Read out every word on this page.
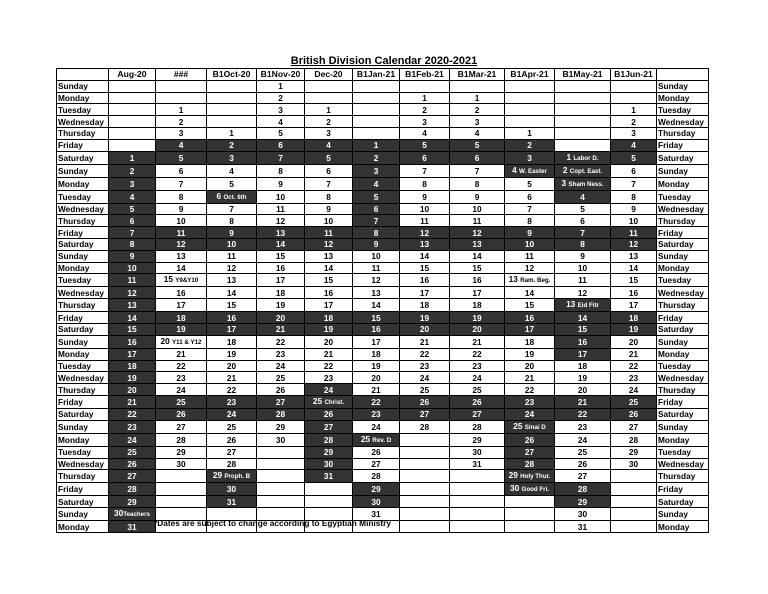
British Division Calendar 2020-2021
	Aug-20	###	B1Oct-20	B1Nov-20	Dec-20	B1Jan-21	B1Feb-21	B1Mar-21	B1Apr-21	B1May-21	B1Jun-21	
Sunday				1								Sunday
Monday				2			1	1				Monday
Tuesday		1		3	1		2	2			1	Tuesday
Wednesday		2		4	2		3	3			2	Wednesday
Thursday		3	1	5	3		4	4	1		3	Thursday
Friday		4	2	6	4	1	5	5	2		4	Friday
Saturday	1	5	3	7	5	2	6	6	3	1 Labor D.	5	Saturday
Sunday	2	6	4	8	6	3	7	7	4 W. Easter	2 Copt. East.	6	Sunday
Monday	3	7	5	9	7	4	8	8	5	3 Sham Ness.	7	Monday
Tuesday	4	8	6 Oct. 6th	10	8	5	9	9	6	4	8	Tuesday
Wednesday	5	9	7	11	9	6	10	10	7	5	9	Wednesday
Thursday	6	10	8	12	10	7	11	11	8	6	10	Thursday
Friday	7	11	9	13	11	8	12	12	9	7	11	Friday
Saturday	8	12	10	14	12	9	13	13	10	8	12	Saturday
Sunday	9	13	11	15	13	10	14	14	11	9	13	Sunday
Monday	10	14	12	16	14	11	15	15	12	10	14	Monday
Tuesday	11	15 Y9&Y10	13	17	15	12	16	16	13 Ram. Beg.	11	15	Tuesday
Wednesday	12	16	14	18	16	13	17	17	14	12	16	Wednesday
Thursday	13	17	15	19	17	14	18	18	15	13 Eid Fitr	17	Thursday
Friday	14	18	16	20	18	15	19	19	16	14	18	Friday
Saturday	15	19	17	21	19	16	20	20	17	15	19	Saturday
Sunday	16	20 Y11 & Y12	18	22	20	17	21	21	18	16	20	Sunday
Monday	17	21	19	23	21	18	22	22	19	17	21	Monday
Tuesday	18	22	20	24	22	19	23	23	20	18	22	Tuesday
Wednesday	19	23	21	25	23	20	24	24	21	19	23	Wednesday
Thursday	20	24	22	26	24	21	25	25	22	20	24	Thursday
Friday	21	25	23	27	25 Christ.	22	26	26	23	21	25	Friday
Saturday	22	26	24	28	26	23	27	27	24	22	26	Saturday
Sunday	23	27	25	29	27	24	28	28	25 Sinai D	23	27	Sunday
Monday	24	28	26	30	28	25 Rev. D		29	26	24	28	Monday
Tuesday	25	29	27		29	26		30	27	25	29	Tuesday
Wednesday	26	30	28		30	27		31	28	26	30	Wednesday
Thursday	27		29 Proph. B		31	28			29 Holy Thur.	27		Thursday
Friday	28		30			29			30 Good Fri.	28		Friday
Saturday	29		31			30				29		Saturday
Sunday	30Teachers					31				30		Sunday
Monday	31									31		Monday
*Dates are subject to change according to Egyptian Ministry
